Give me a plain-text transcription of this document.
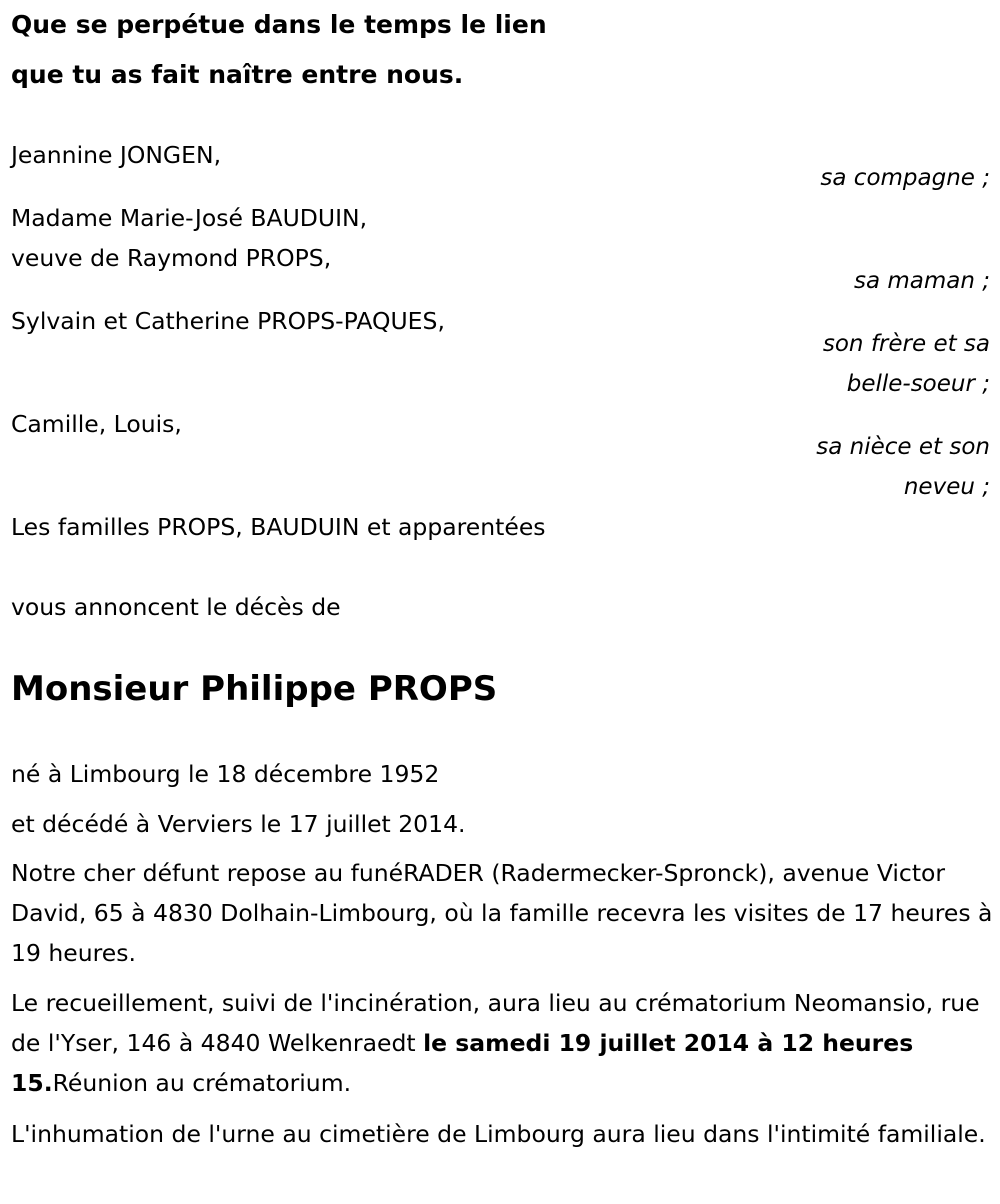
Que se perpétue dans le temps le lien

que tu as fait naître entre nous.

Jeannine JONGEN,

sa compagne ;

Madame Marie-José BAUDUIN,

veuve de Raymond PROPS,

sa maman ;

Sylvain et Catherine PROPS-PAQUES,

son frère et sa

belle-soeur ;

Camille, Louis,

sa nièce et son

neveu ;

Les familles PROPS, BAUDUIN et apparentées

vous annoncent le décès de

Monsieur Philippe PROPS

né à Limbourg le 18 décembre 1952

et décédé à Verviers le 17 juillet 2014.

Notre cher défunt repose au funéRADER (Radermecker-Spronck), avenue Victor David, 65 à 4830 Dolhain-Limbourg, où la famille recevra les visites de 17 heures à 19 heures.

Le recueillement, suivi de l'incinération, aura lieu au crématorium Neomansio, rue de l'Yser, 146 à 4840 Welkenraedt le samedi 19 juillet 2014 à 12 heures 15.Réunion au crématorium.

L'inhumation de l'urne au cimetière de Limbourg aura lieu dans l'intimité familiale.
